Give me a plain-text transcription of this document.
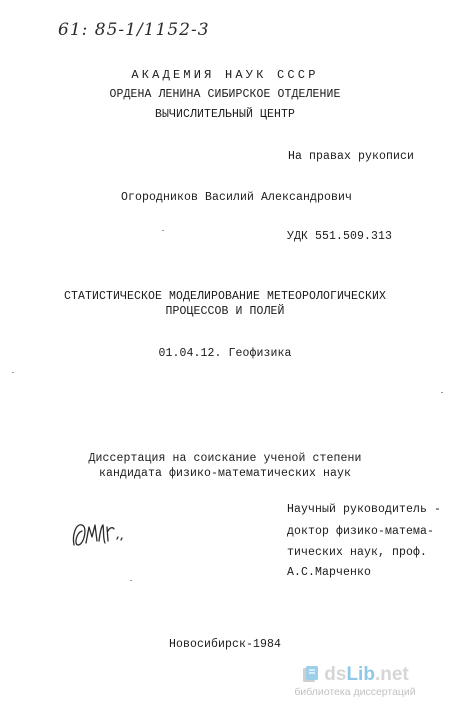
61: 85-1/1152-3
АКАДЕМИЯ НАУК СССР
ОРДЕНА ЛЕНИНА СИБИРСКОЕ ОТДЕЛЕНИЕ
ВЫЧИСЛИТЕЛЬНЫЙ ЦЕНТР
На правах рукописи
Огородников Василий Александрович
УДК 551.509.313
СТАТИСТИЧЕСКОЕ МОДЕЛИРОВАНИЕ МЕТЕОРОЛОГИЧЕСКИХ
ПРОЦЕССОВ И ПОЛЕЙ
01.04.12. Геофизика
Диссертация на соискание ученой степени
кандидата физико-математических наук
Научный руководитель -
доктор физико-матема-
тических наук, проф.
А.С.Марченко
Новосибирск-1984
dsLib.net
библиотека диссертаций
